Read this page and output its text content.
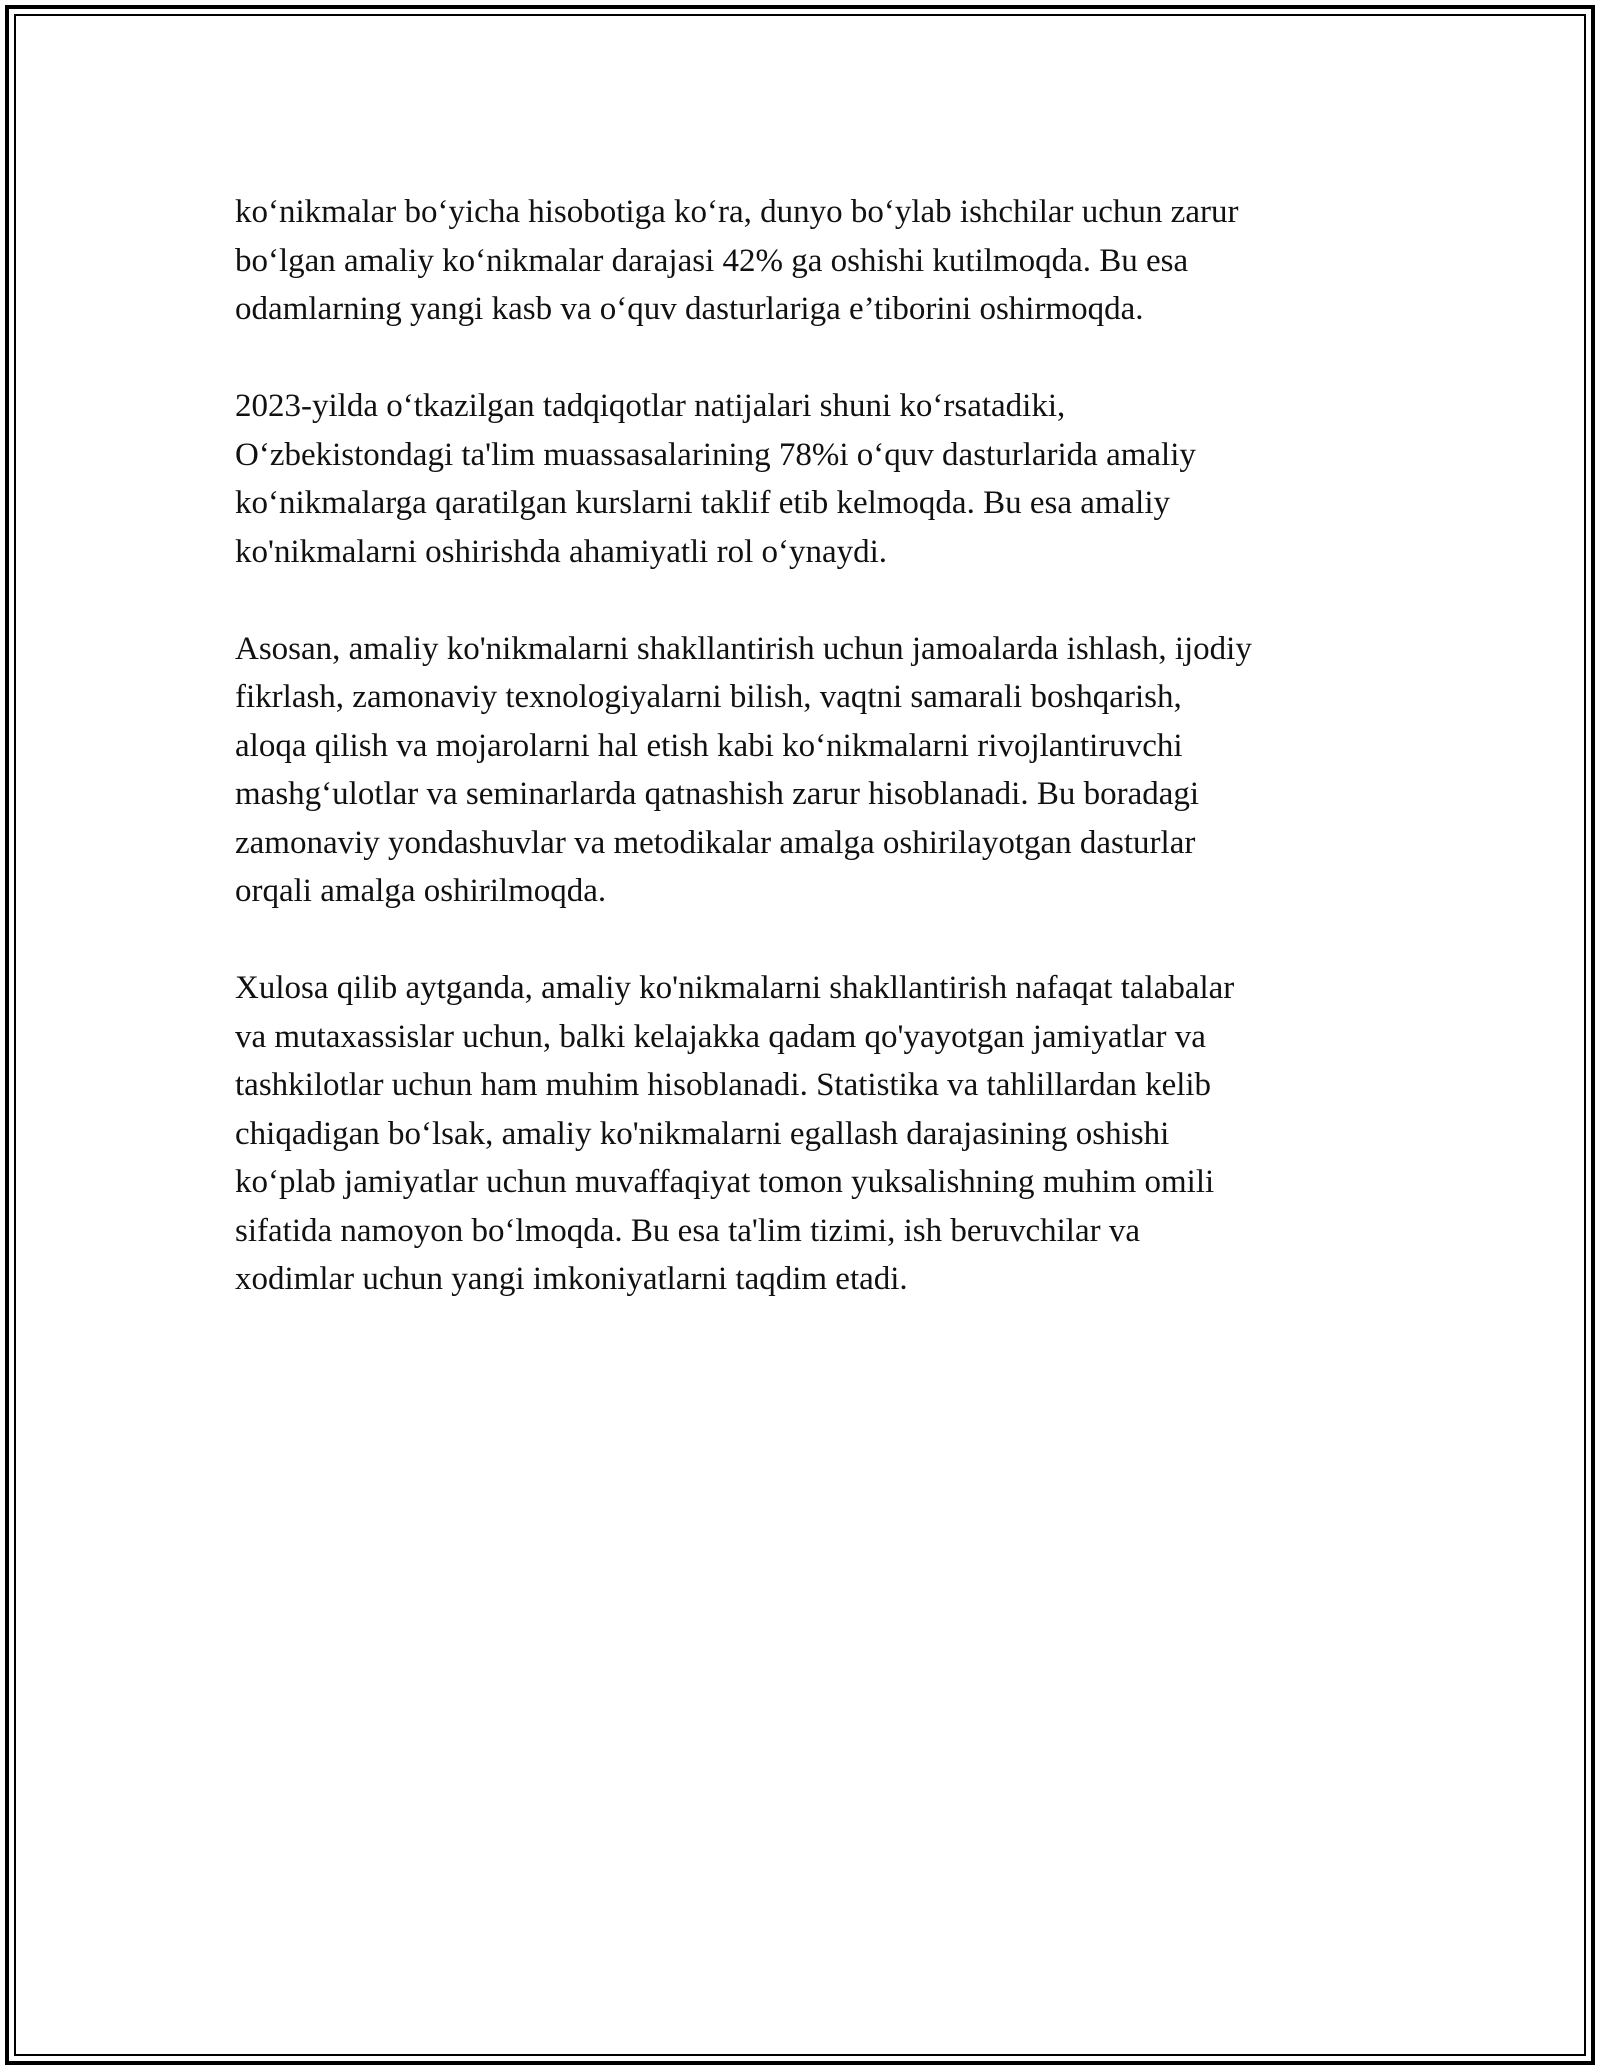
ko‘nikmalar bo‘yicha hisobotiga ko‘ra, dunyo bo‘ylab ishchilar uchun zarur
bo‘lgan amaliy ko‘nikmalar darajasi 42% ga oshishi kutilmoqda. Bu esa
odamlarning yangi kasb va o‘quv dasturlariga e’tiborini oshirmoqda.

2023-yilda o‘tkazilgan tadqiqotlar natijalari shuni ko‘rsatadiki,
O‘zbekistondagi ta'lim muassasalarining 78%i o‘quv dasturlarida amaliy
ko‘nikmalarga qaratilgan kurslarni taklif etib kelmoqda. Bu esa amaliy
ko'nikmalarni oshirishda ahamiyatli rol o‘ynaydi.

Asosan, amaliy ko'nikmalarni shakllantirish uchun jamoalarda ishlash, ijodiy
fikrlash, zamonaviy texnologiyalarni bilish, vaqtni samarali boshqarish,
aloqa qilish va mojarolarni hal etish kabi ko‘nikmalarni rivojlantiruvchi
mashg‘ulotlar va seminarlarda qatnashish zarur hisoblanadi. Bu boradagi
zamonaviy yondashuvlar va metodikalar amalga oshirilayotgan dasturlar
orqali amalga oshirilmoqda.

Xulosa qilib aytganda, amaliy ko'nikmalarni shakllantirish nafaqat talabalar
va mutaxassislar uchun, balki kelajakka qadam qo'yayotgan jamiyatlar va
tashkilotlar uchun ham muhim hisoblanadi. Statistika va tahlillardan kelib
chiqadigan bo‘lsak, amaliy ko'nikmalarni egallash darajasining oshishi
ko‘plab jamiyatlar uchun muvaffaqiyat tomon yuksalishning muhim omili
sifatida namoyon bo‘lmoqda. Bu esa ta'lim tizimi, ish beruvchilar va
xodimlar uchun yangi imkoniyatlarni taqdim etadi.
